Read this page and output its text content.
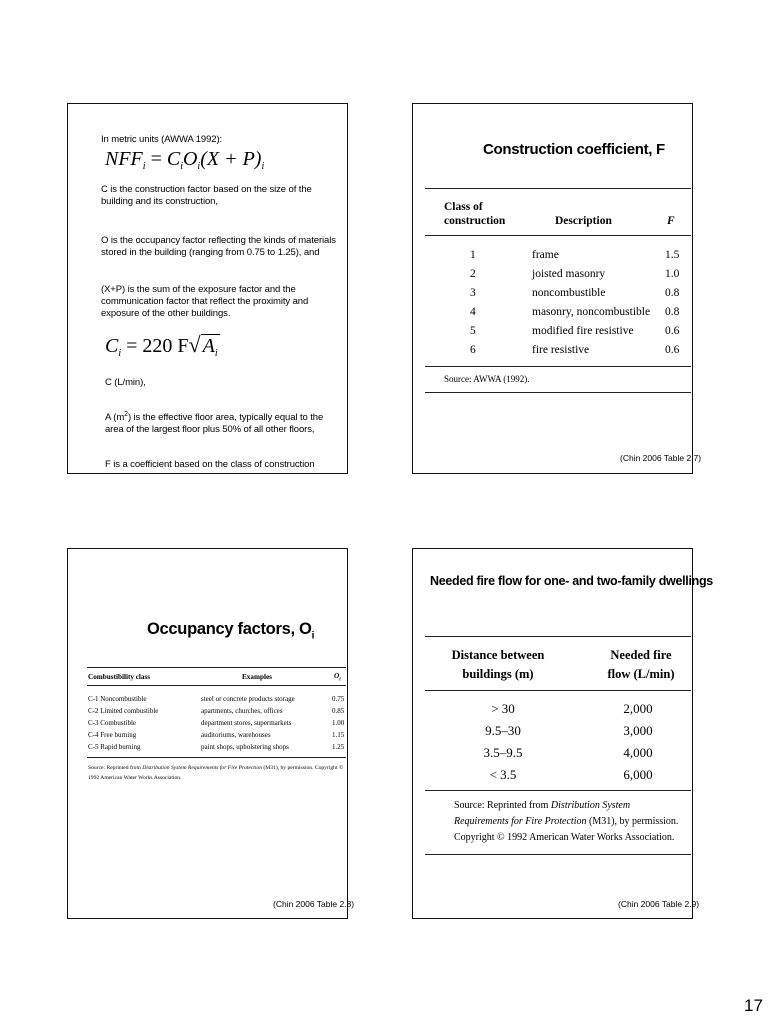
In metric units (AWWA 1992):
$NFF_i = C_iO_i(X + P)_i$
C is the construction factor based on the size of the building and its construction,
O is the occupancy factor reflecting the kinds of materials stored in the building (ranging from 0.75 to 1.25), and
(X+P) is the sum of the exposure factor and the communication factor that reflect the proximity and exposure of the other buildings.
$C_i = 220$ F√ $A_i$
C (L/min),
A $(m^2)$ is the effective floor area, typically equal to the area of the largest floor plus 50% of all other floors,
F is a coefficient based on the class of construction
Construction coefficient, F
Class of
construction	Description	F
1	frame	1.5
2	joisted masonry	1.0
3	noncombustible	0.8
4	masonry, noncombustible 0.8
5	modified fire resistive	0.6
6	fire resistive	0.6
Source: AWWA (1992).
(Chin 2006 Table 2.7)
Occupancy factors, $O_i$
Combustibility class	Examples	$O_i$
C-1 Noncombustible	steel or concrete products storage	0.75
C-2 Limited combustible	apartments, churches, offices	0.85
C-3 Combustible	department stores, supermarkets	1.00
C-4 Free burning	auditoriums, warehouses	1.15
C-5 Rapid burning	paint shops, upholstering shops	1.25
Source: Reprinted from Distribution System Requirements for Fire Protection (M31), by permission. Copyright © 1992 American Water Works Association.
(Chin 2006 Table 2.8)
Needed fire flow for one- and two-family dwellings
Distance between
buildings (m)
Needed fire
flow (L/min)
> 30	2,000
9.5–30	3,000
3.5–9.5	4,000
< 3.5	6,000
Source: Reprinted from Distribution System Requirements for Fire Protection (M31), by permission. Copyright © 1992 American Water Works Association.
(Chin 2006 Table 2.9)
17
